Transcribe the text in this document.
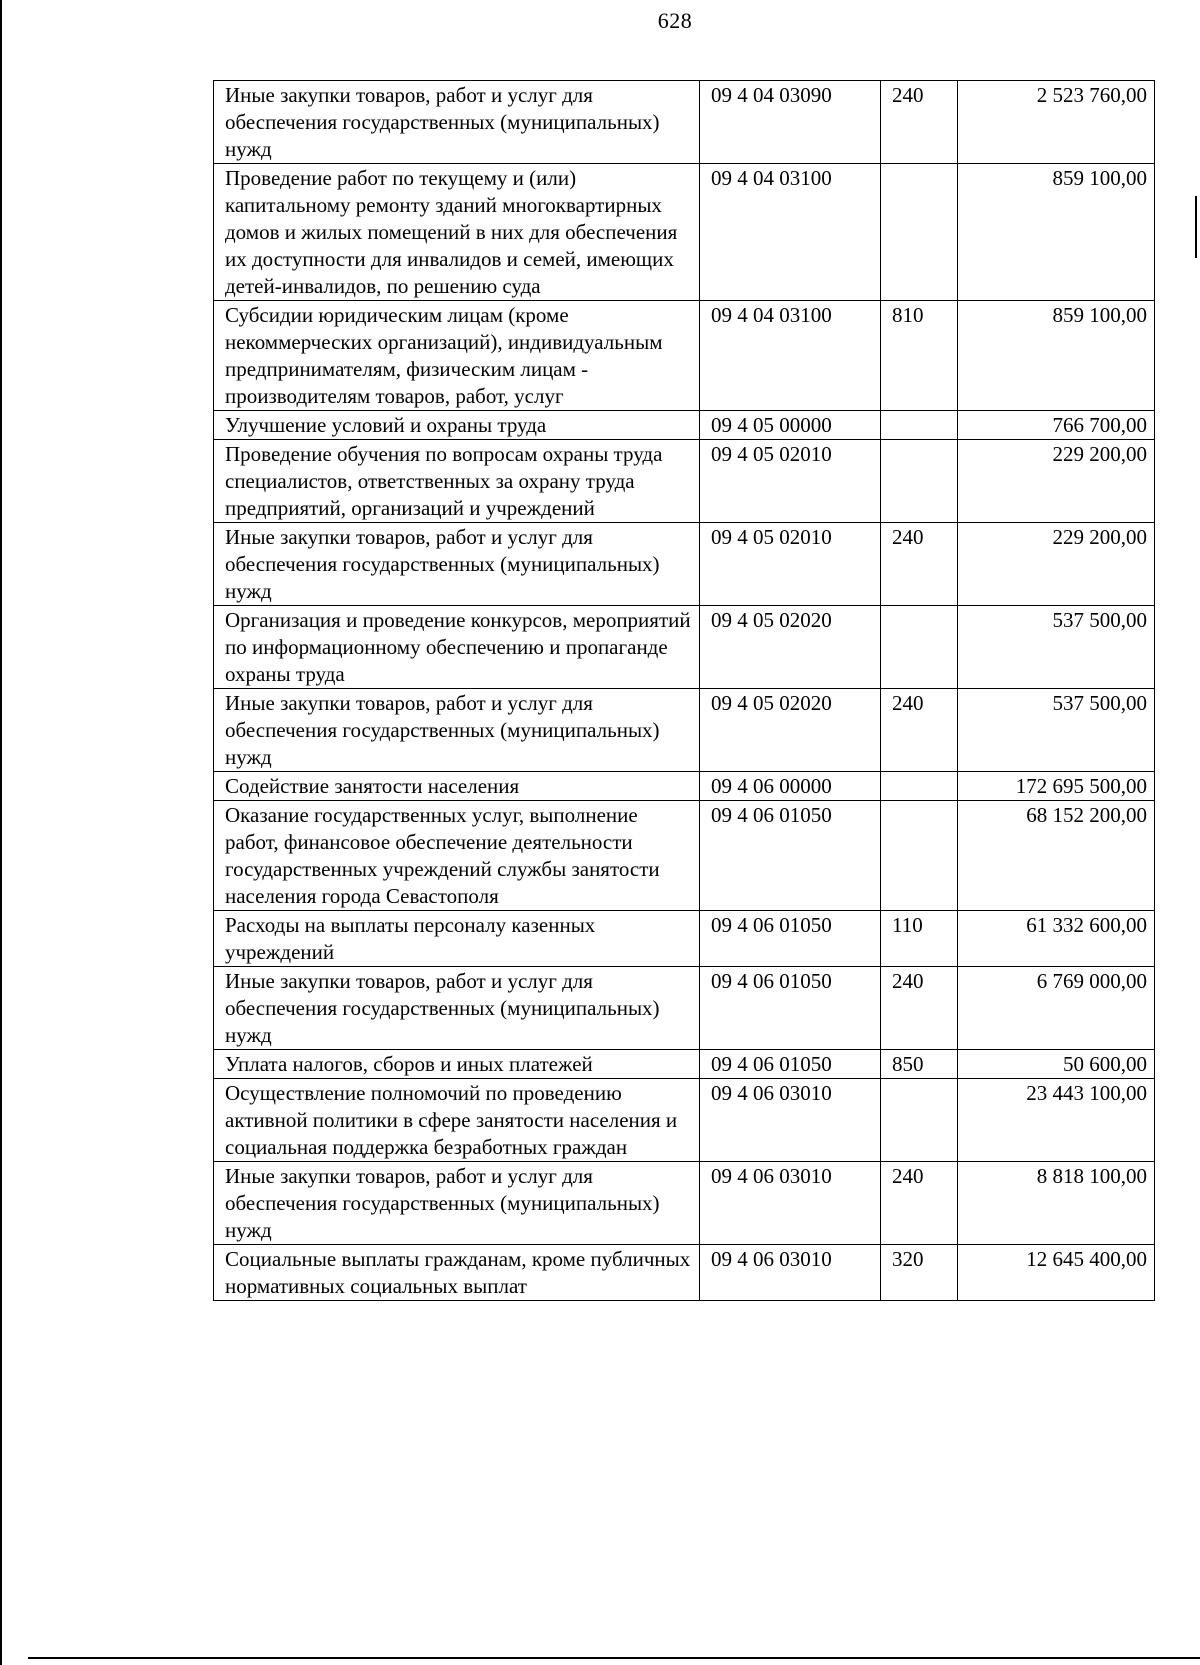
628
Иные закупки товаров, работ и услуг для обеспечения государственных (муниципальных) нужд	09 4 04 03090	240	2 523 760,00
Проведение работ по текущему и (или) капитальному ремонту зданий многоквартирных домов и жилых помещений в них для обеспечения их доступности для инвалидов и семей, имеющих детей-инвалидов, по решению суда	09 4 04 03100		859 100,00
Субсидии юридическим лицам (кроме некоммерческих организаций), индивидуальным предпринимателям, физическим лицам - производителям товаров, работ, услуг	09 4 04 03100	810	859 100,00
Улучшение условий и охраны труда	09 4 05 00000		766 700,00
Проведение обучения по вопросам охраны труда специалистов, ответственных за охрану труда предприятий, организаций и учреждений	09 4 05 02010		229 200,00
Иные закупки товаров, работ и услуг для обеспечения государственных (муниципальных) нужд	09 4 05 02010	240	229 200,00
Организация и проведение конкурсов, мероприятий по информационному обеспечению и пропаганде охраны труда	09 4 05 02020		537 500,00
Иные закупки товаров, работ и услуг для обеспечения государственных (муниципальных) нужд	09 4 05 02020	240	537 500,00
Содействие занятости населения	09 4 06 00000		172 695 500,00
Оказание государственных услуг, выполнение работ, финансовое обеспечение деятельности государственных учреждений службы занятости населения города Севастополя	09 4 06 01050		68 152 200,00
Расходы на выплаты персоналу казенных учреждений	09 4 06 01050	110	61 332 600,00
Иные закупки товаров, работ и услуг для обеспечения государственных (муниципальных) нужд	09 4 06 01050	240	6 769 000,00
Уплата налогов, сборов и иных платежей	09 4 06 01050	850	50 600,00
Осуществление полномочий по проведению активной политики в сфере занятости населения и социальная поддержка безработных граждан	09 4 06 03010		23 443 100,00
Иные закупки товаров, работ и услуг для обеспечения государственных (муниципальных) нужд	09 4 06 03010	240	8 818 100,00
Социальные выплаты гражданам, кроме публичных нормативных социальных выплат	09 4 06 03010	320	12 645 400,00
